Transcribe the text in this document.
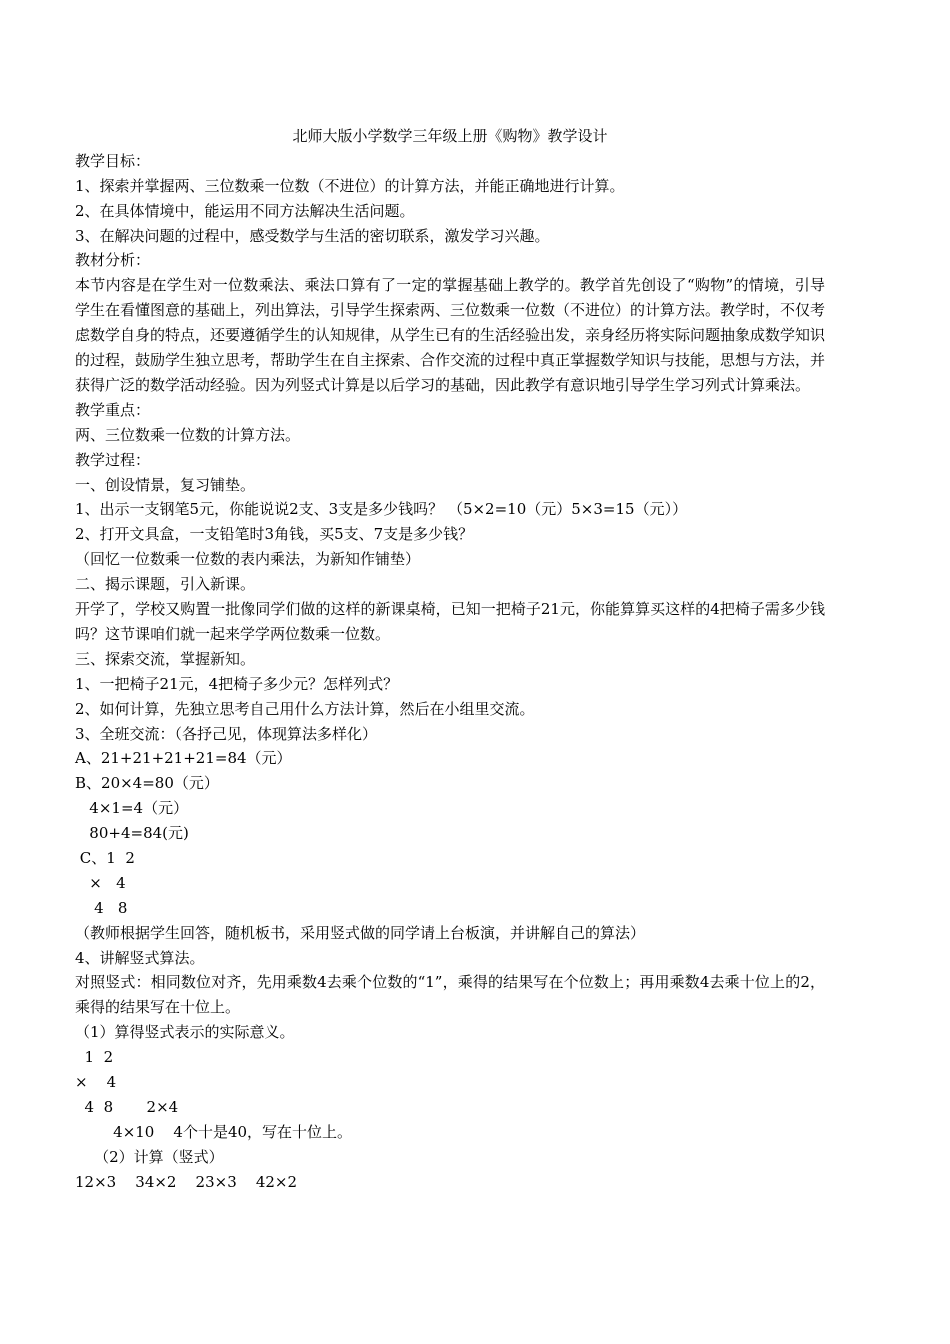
北师大版小学数学三年级上册《购物》教学设计
教学目标：
1、探索并掌握两、三位数乘一位数（不进位）的计算方法，并能正确地进行计算。
2、在具体情境中，能运用不同方法解决生活问题。
3、在解决问题的过程中，感受数学与生活的密切联系，激发学习兴趣。
教材分析：

本节内容是在学生对一位数乘法、乘法口算有了一定的掌握基础上教学的。教学首先创设了“购物”的情境，引导学生在看懂图意的基础上，列出算法，引导学生探索两、三位数乘一位数（不进位）的计算方法。教学时，不仅考虑数学自身的特点，还要遵循学生的认知规律，从学生已有的生活经验出发，亲身经历将实际问题抽象成数学知识的过程，鼓励学生独立思考，帮助学生在自主探索、合作交流的过程中真正掌握数学知识与技能，思想与方法，并获得广泛的数学活动经验。因为列竖式计算是以后学习的基础，因此教学有意识地引导学生学习列式计算乘法。

教学重点：
两、三位数乘一位数的计算方法。
教学过程：
一、创设情景，复习铺垫。
1、出示一支钢笔5元，你能说说2支、3支是多少钱吗？ （5×2=10（元）5×3=15（元））
2、打开文具盒，一支铅笔时3角钱，买5支、7支是多少钱？
（回忆一位数乘一位数的表内乘法，为新知作铺垫）
二、揭示课题，引入新课。

开学了，学校又购置一批像同学们做的这样的新课桌椅，已知一把椅子21元，你能算算买这样的4把椅子需多少钱吗？这节课咱们就一起来学学两位数乘一位数。

三、探索交流，掌握新知。
1、一把椅子21元，4把椅子多少元？怎样列式？
2、如何计算，先独立思考自己用什么方法计算，然后在小组里交流。
3、全班交流：（各抒己见，体现算法多样化）
A、21+21+21+21=84（元）
B、20×4=80（元）
4×1=4（元）
80+4=84(元)
C、1  2
×   4
4   8
（教师根据学生回答，随机板书，采用竖式做的同学请上台板演，并讲解自己的算法）
4、讲解竖式算法。

对照竖式：相同数位对齐，先用乘数4去乘个位数的“1”，乘得的结果写在个位数上；再用乘数4去乘十位上的2，乘得的结果写在十位上。

（1）算得竖式表示的实际意义。
1  2
×    4
4  8       2×4
4×10    4个十是40，写在十位上。
（2）计算（竖式）
12×3    34×2    23×3    42×2
